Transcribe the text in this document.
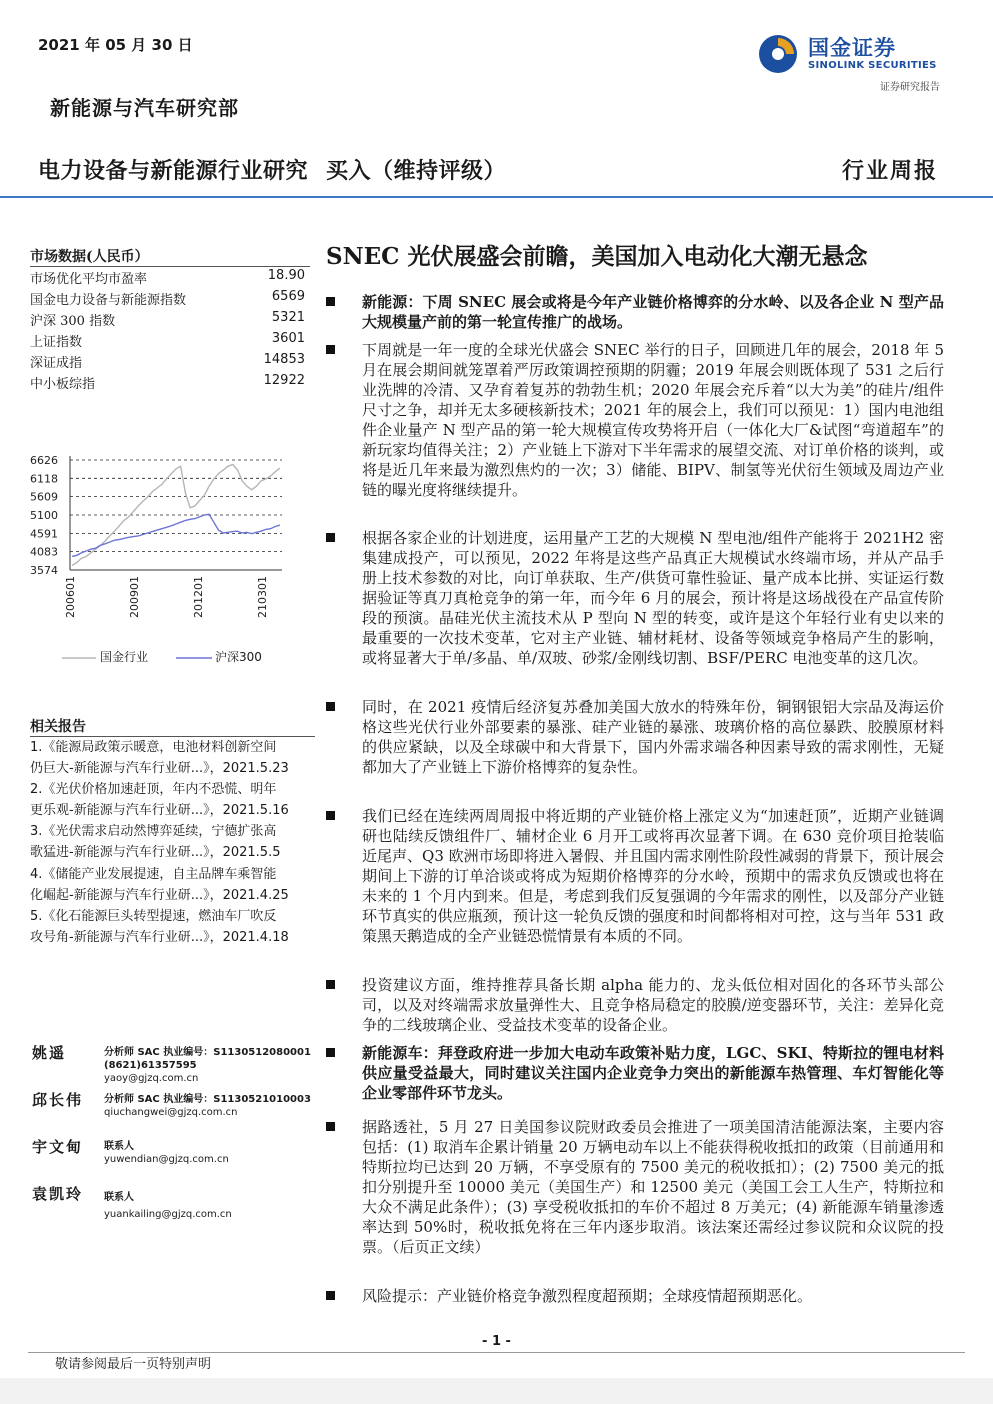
2021 年 05 月 30 日
新能源与汽车研究部
电力设备与新能源行业研究 买入（维持评级）	行业周报
国金证券
SINOLINK SECURITIES
证券研究报告
市场数据(人民币）
市场优化平均市盈率	18.90
国金电力设备与新能源指数	6569
沪深 300 指数	5321
上证指数	3601
深证成指	14853
中小板综指	12922
6626
6118
5609
5100
4591
4083
3574
200601	200901	201201	210301
国金行业	沪深300
相关报告
1.《能源局政策示暖意，电池材料创新空间
仍巨大-新能源与汽车行业研...》，2021.5.23
2.《光伏价格加速赶顶，年内不恐慌、明年
更乐观-新能源与汽车行业研...》，2021.5.16
3.《光伏需求启动然博弈延续，宁德扩张高
歌猛进-新能源与汽车行业研...》，2021.5.5
4.《储能产业发展提速，自主品牌车乘智能
化崛起-新能源与汽车行业研...》，2021.4.25
5.《化石能源巨头转型提速，燃油车厂吹反
攻号角-新能源与汽车行业研...》，2021.4.18
姚遥	分析师 SAC 执业编号：S1130512080001
(8621)61357595
yaoy@gjzq.com.cn
邱长伟 分析师 SAC 执业编号：S1130521010003
qiuchangwei@gjzq.com.cn
宇文甸 联系人
yuwendian@gjzq.com.cn
袁凯玲 联系人
yuankailing@gjzq.com.cn
SNEC 光伏展盛会前瞻，美国加入电动化大潮无悬念
新能源：下周 SNEC 展会或将是今年产业链价格博弈的分水岭、以及各企业 N 型产品大规模量产前的第一轮宣传推广的战场。
下周就是一年一度的全球光伏盛会 SNEC 举行的日子，回顾进几年的展会，2018 年 5 月在展会期间就笼罩着严厉政策调控预期的阴霾；2019 年展会则既体现了 531 之后行业洗牌的冷清、又孕育着复苏的勃勃生机；2020 年展会充斥着“以大为美”的硅片/组件尺寸之争，却并无太多硬核新技术；2021 年的展会上，我们可以预见：1）国内电池组件企业量产 N 型产品的第一轮大规模宣传攻势将开启（一体化大厂&试图“弯道超车”的新玩家均值得关注；2）产业链上下游对下半年需求的展望交流、对订单价格的谈判，或将是近几年来最为激烈焦灼的一次；3）储能、BIPV、制氢等光伏衍生领域及周边产业链的曝光度将继续提升。
根据各家企业的计划进度，运用量产工艺的大规模 N 型电池/组件产能将于 2021H2 密集建成投产，可以预见，2022 年将是这些产品真正大规模试水终端市场，并从产品手册上技术参数的对比，向订单获取、生产/供货可靠性验证、量产成本比拼、实证运行数据验证等真刀真枪竞争的第一年，而今年 6 月的展会，预计将是这场战役在产品宣传阶段的预演。晶硅光伏主流技术从 P 型向 N 型的转变，或许是这个年轻行业有史以来的最重要的一次技术变革，它对主产业链、辅材耗材、设备等领域竞争格局产生的影响，或将显著大于单/多晶、单/双玻、砂浆/金刚线切割、BSF/PERC 电池变革的这几次。
同时，在 2021 疫情后经济复苏叠加美国大放水的特殊年份，铜钢银铝大宗品及海运价格这些光伏行业外部要素的暴涨、硅产业链的暴涨、玻璃价格的高位暴跌、胶膜原材料的供应紧缺，以及全球碳中和大背景下，国内外需求端各种因素导致的需求刚性，无疑都加大了产业链上下游价格博弈的复杂性。
我们已经在连续两周周报中将近期的产业链价格上涨定义为“加速赶顶”，近期产业链调研也陆续反馈组件厂、辅材企业 6 月开工或将再次显著下调。在 630 竞价项目抢装临近尾声、Q3 欧洲市场即将进入暑假、并且国内需求刚性阶段性减弱的背景下，预计展会期间上下游的订单洽谈或将成为短期价格博弈的分水岭，预期中的需求负反馈或也将在未来的 1 个月内到来。但是，考虑到我们反复强调的今年需求的刚性，以及部分产业链环节真实的供应瓶颈，预计这一轮负反馈的强度和时间都将相对可控，这与当年 531 政策黑天鹅造成的全产业链恐慌情景有本质的不同。
投资建议方面，维持推荐具备长期 alpha 能力的、龙头低位相对固化的各环节头部公司，以及对终端需求放量弹性大、且竞争格局稳定的胶膜/逆变器环节，关注：差异化竞争的二线玻璃企业、受益技术变革的设备企业。
新能源车：拜登政府进一步加大电动车政策补贴力度，LGC、SKI、特斯拉的锂电材料供应量受益最大，同时建议关注国内企业竞争力突出的新能源车热管理、车灯智能化等企业零部件环节龙头。
据路透社，5 月 27 日美国参议院财政委员会推进了一项美国清洁能源法案，主要内容包括：(1) 取消车企累计销量 20 万辆电动车以上不能获得税收抵扣的政策（目前通用和特斯拉均已达到 20 万辆，不享受原有的 7500 美元的税收抵扣）；(2) 7500 美元的抵扣分别提升至 10000 美元（美国生产）和 12500 美元（美国工会工人生产，特斯拉和大众不满足此条件）；(3) 享受税收抵扣的车价不超过 8 万美元；(4) 新能源车销量渗透率达到 50%时，税收抵免将在三年内逐步取消。该法案还需经过参议院和众议院的投票。（后页正文续）
风险提示：产业链价格竞争激烈程度超预期；全球疫情超预期恶化。
- 1 -
敬请参阅最后一页特别声明
